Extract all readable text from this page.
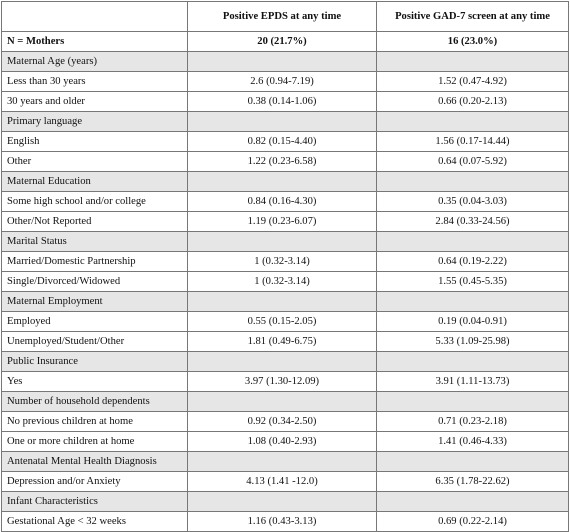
	Positive EPDS at any time	Positive GAD-7 screen at any time
N = Mothers	20 (21.7%)	16 (23.0%)
Maternal Age (years)		
Less than 30 years	2.6 (0.94-7.19)	1.52 (0.47-4.92)
30 years and older	0.38 (0.14-1.06)	0.66 (0.20-2.13)
Primary language		
English	0.82 (0.15-4.40)	1.56 (0.17-14.44)
Other	1.22 (0.23-6.58)	0.64 (0.07-5.92)
Maternal Education		
Some high school and/or college	0.84 (0.16-4.30)	0.35 (0.04-3.03)
Other/Not Reported	1.19 (0.23-6.07)	2.84 (0.33-24.56)
Marital Status		
Married/Domestic Partnership	1 (0.32-3.14)	0.64 (0.19-2.22)
Single/Divorced/Widowed	1 (0.32-3.14)	1.55 (0.45-5.35)
Maternal Employment		
Employed	0.55 (0.15-2.05)	0.19 (0.04-0.91)
Unemployed/Student/Other	1.81 (0.49-6.75)	5.33 (1.09-25.98)
Public Insurance		
Yes	3.97 (1.30-12.09)	3.91 (1.11-13.73)
Number of household dependents		
No previous children at home	0.92 (0.34-2.50)	0.71 (0.23-2.18)
One or more children at home	1.08 (0.40-2.93)	1.41 (0.46-4.33)
Antenatal Mental Health Diagnosis		
Depression and/or Anxiety	4.13 (1.41 -12.0)	6.35 (1.78-22.62)
Infant Characteristics		
Gestational Age < 32 weeks	1.16 (0.43-3.13)	0.69 (0.22-2.14)
